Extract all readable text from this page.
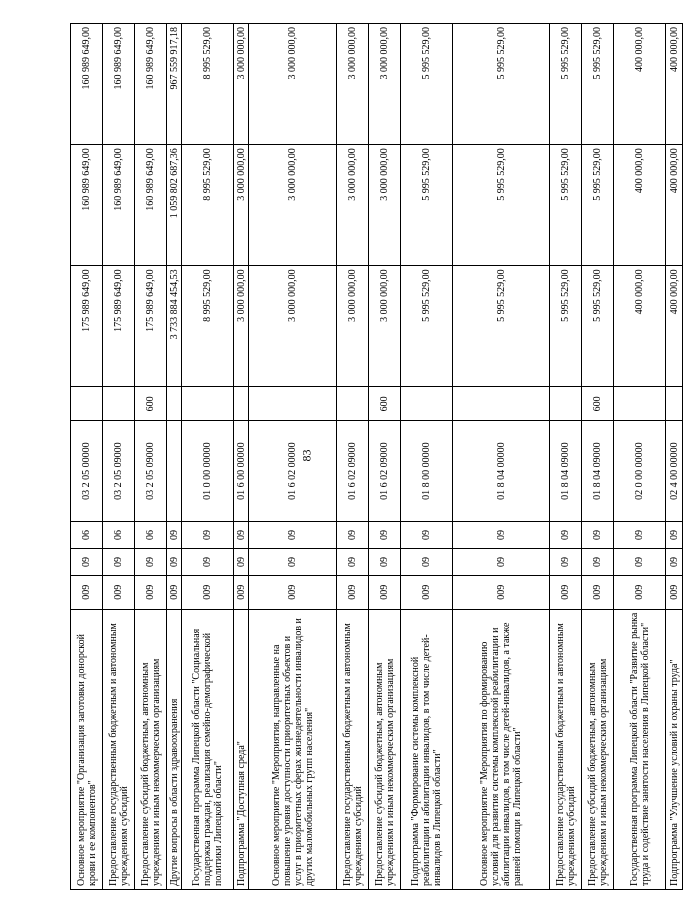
83
Основное мероприятие "Организация заготовки донорской крови и ее компонентов"	009	09	06	03 2 05 00000		175 989 649,00	160 989 649,00	160 989 649,00
Предоставление государственным бюджетным и автономным учреждениям субсидий	009	09	06	03 2 05 09000		175 989 649,00	160 989 649,00	160 989 649,00
Предоставление субсидий бюджетным, автономным учреждениям и иным некоммерческим организациям	009	09	06	03 2 05 09000	600	175 989 649,00	160 989 649,00	160 989 649,00
Другие вопросы в области здравоохранения	009	09	09			3 733 884 454,53	1 059 802 687,36	967 559 917,18
Государственная программа Липецкой области "Социальная поддержка граждан, реализация семейно-демографической политики Липецкой области"	009	09	09	01 0 00 00000		8 995 529,00	8 995 529,00	8 995 529,00
Подпрограмма "Доступная среда"	009	09	09	01 6 00 00000		3 000 000,00	3 000 000,00	3 000 000,00
Основное мероприятие "Мероприятия, направленные на повышение уровня доступности приоритетных объектов и услуг в приоритетных сферах жизнедеятельности инвалидов и других маломобильных групп населения"	009	09	09	01 6 02 00000		3 000 000,00	3 000 000,00	3 000 000,00
Предоставление государственным бюджетным и автономным учреждениям субсидий	009	09	09	01 6 02 09000		3 000 000,00	3 000 000,00	3 000 000,00
Предоставление субсидий бюджетным, автономным учреждениям и иным некоммерческим организациям	009	09	09	01 6 02 09000	600	3 000 000,00	3 000 000,00	3 000 000,00
Подпрограмма "Формирование системы комплексной реабилитации и абилитации инвалидов, в том числе детей-инвалидов в Липецкой области"	009	09	09	01 8 00 00000		5 995 529,00	5 995 529,00	5 995 529,00
Основное мероприятие "Мероприятия по формированию условий для развития системы комплексной реабилитации и абилитации инвалидов, в том числе детей-инвалидов, а также ранней помощи в Липецкой области"	009	09	09	01 8 04 00000		5 995 529,00	5 995 529,00	5 995 529,00
Предоставление государственным бюджетным и автономным учреждениям субсидий	009	09	09	01 8 04 09000		5 995 529,00	5 995 529,00	5 995 529,00
Предоставление субсидий бюджетным, автономным учреждениям и иным некоммерческим организациям	009	09	09	01 8 04 09000	600	5 995 529,00	5 995 529,00	5 995 529,00
Государственная программа Липецкой области "Развитие рынка труда и содействие занятости населения в Липецкой области"	009	09	09	02 0 00 00000		400 000,00	400 000,00	400 000,00
Подпрограмма "Улучшение условий и охраны труда"	009	09	09	02 4 00 00000		400 000,00	400 000,00	400 000,00
